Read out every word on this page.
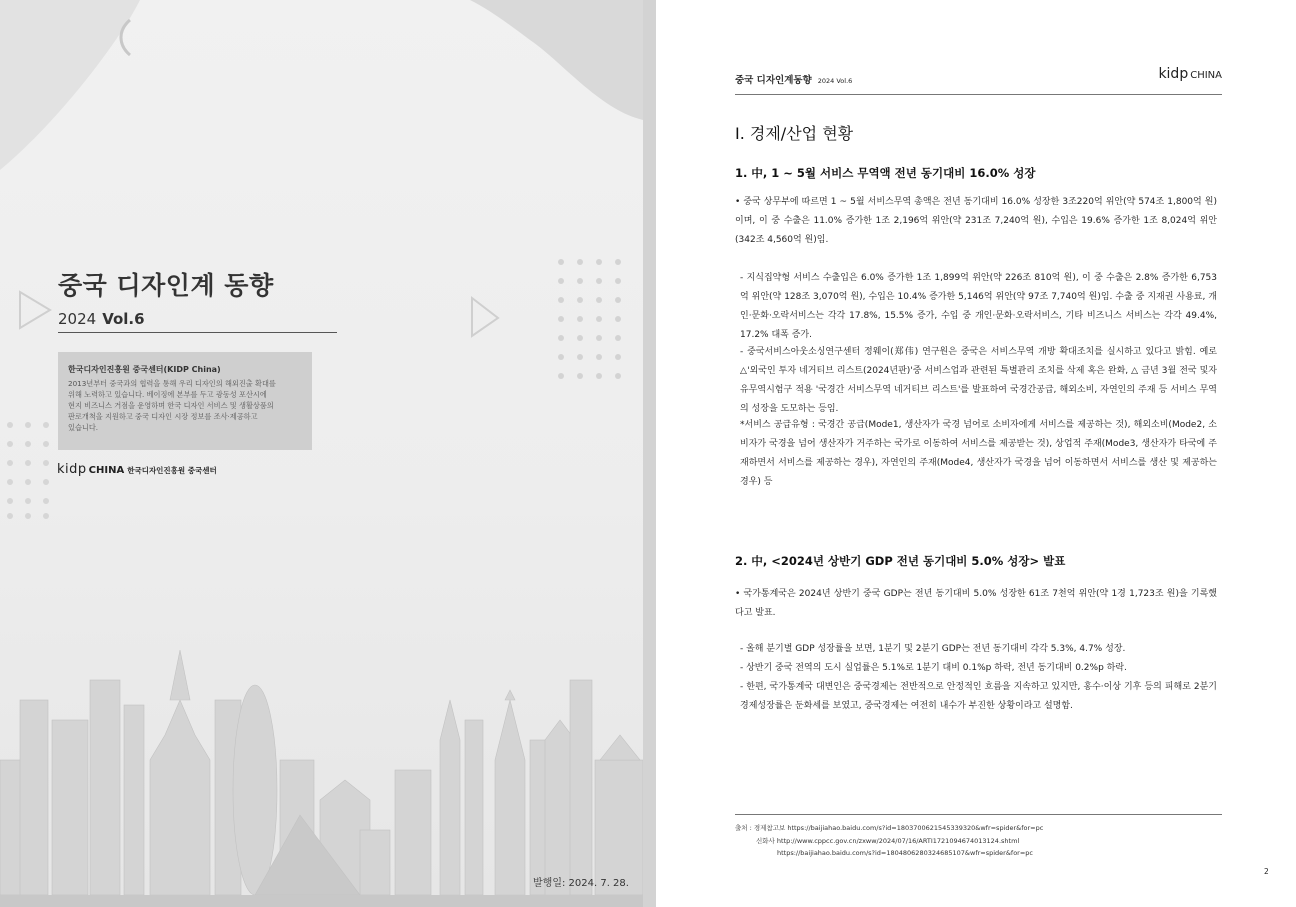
중국 디자인계 동향
2024 Vol.6
한국디자인진흥원 중국센터(KIDP China)
2013년부터 중국과의 협력을 통해 우리 디자인의 해외진출 확대를
위해 노력하고 있습니다. 베이징에 본부를 두고 광동성 포산시에
현지 비즈니스 거점을 운영하며 한국 디자인 서비스 및 생활상품의
판로개척을 지원하고 중국 디자인 시장 정보를 조사·제공하고
있습니다.
kidp CHINA 한국디자인진흥원 중국센터
발행일: 2024. 7. 28.
중국 디자인계동향 2024 Vol.6	kidp CHINA
I. 경제/산업 현황
1. 中, 1 ~ 5월 서비스 무역액 전년 동기대비 16.0% 성장
• 중국 상무부에 따르면 1 ~ 5월 서비스무역 총액은 전년 동기대비 16.0% 성장한 3조220억 위안(약 574조 1,800억 원)이며, 이 중 수출은 11.0% 증가한 1조 2,196억 위안(약 231조 7,240억 원), 수입은 19.6% 증가한 1조 8,024억 위안(342조 4,560억 원)임.
- 지식집약형 서비스 수출입은 6.0% 증가한 1조 1,899억 위안(약 226조 810억 원), 이 중 수출은 2.8% 증가한 6,753억 위안(약 128조 3,070억 원), 수입은 10.4% 증가한 5,146억 위안(약 97조 7,740억 원)임. 수출 중 지재권 사용료, 개인·문화·오락서비스는 각각 17.8%, 15.5% 증가, 수입 중 개인·문화·오락서비스, 기타 비즈니스 서비스는 각각 49.4%, 17.2% 대폭 증가.
- 중국서비스아웃소싱연구센터 정웨이(郑伟) 연구원은 중국은 서비스무역 개방 확대조치를 실시하고 있다고 밝힘. 예로 △'외국인 투자 네거티브 리스트(2024년판)'중 서비스업과 관련된 특별관리 조치를 삭제 혹은 완화, △ 금년 3월 전국 및자유무역시험구 적용 '국경간 서비스무역 네거티브 리스트'를 발표하여 국경간공급, 해외소비, 자연인의 주재 등 서비스 무역의 성장을 도모하는 등임.
*서비스 공급유형 : 국경간 공급(Mode1, 생산자가 국경 넘어로 소비자에게 서비스를 제공하는 것), 해외소비(Mode2, 소비자가 국경을 넘어 생산자가 거주하는 국가로 이동하여 서비스를 제공받는 것), 상업적 주재(Mode3, 생산자가 타국에 주재하면서 서비스를 제공하는 경우), 자연인의 주재(Mode4, 생산자가 국경을 넘어 이동하면서 서비스를 생산 및 제공하는 경우) 등
2. 中, <2024년 상반기 GDP 전년 동기대비 5.0% 성장> 발표
• 국가통계국은 2024년 상반기 중국 GDP는 전년 동기대비 5.0% 성장한 61조 7천억 위안(약 1경 1,723조 원)을 기록했다고 발표.
- 올해 분기별 GDP 성장률을 보면, 1분기 및 2분기 GDP는 전년 동기대비 각각 5.3%, 4.7% 성장.
- 상반기 중국 전역의 도시 실업률은 5.1%로 1분기 대비 0.1%p 하락, 전년 동기대비 0.2%p 하락.
- 한편, 국가통계국 대변인은 중국경제는 전반적으로 안정적인 흐름을 지속하고 있지만, 홍수·이상 기후 등의 피해로 2분기 경제성장률은 둔화세를 보였고, 중국경제는 여전히 내수가 부진한 상황이라고 설명함.
출처 : 경제참고보 https://baijiahao.baidu.com/s?id=1803700621545339320&wfr=spider&for=pc
신화사 http://www.cppcc.gov.cn/zxww/2024/07/16/ARTI1721094674013124.shtml
https://baijiahao.baidu.com/s?id=1804806280324685107&wfr=spider&for=pc
2
